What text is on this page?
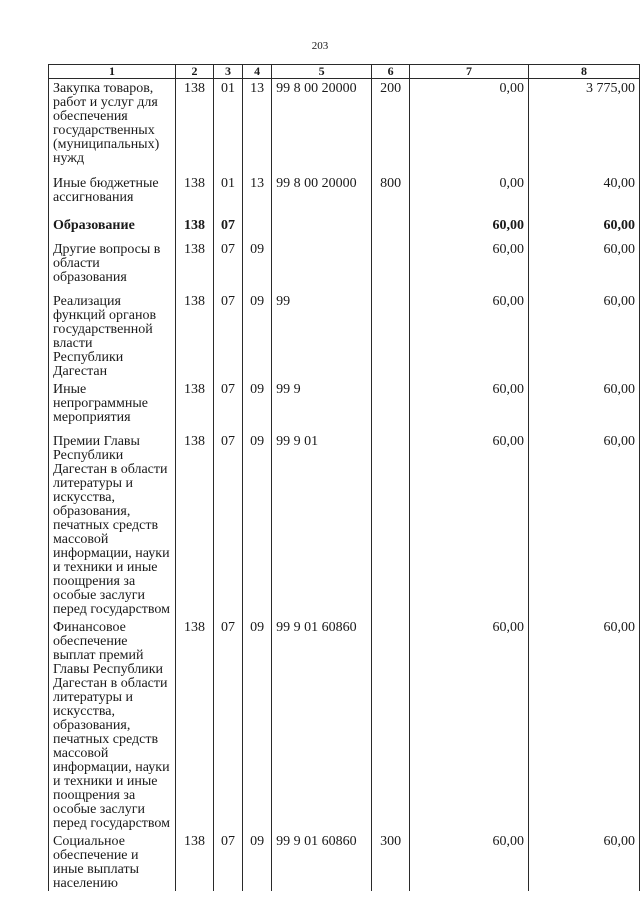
203
1	2	3	4	5	6	7	8

Закупка товаров, работ и услуг для обеспечения государственных (муниципальных) нужд	138	01	13	99 8 00 20000	200	0,00	3 775,00

Иные бюджетные ассигнования	138	01	13	99 8 00 20000	800	0,00	40,00

Образование	138	07				60,00	60,00

Другие вопросы в области образования	138	07	09			60,00	60,00

Реализация функций органов государственной власти Республики Дагестан	138	07	09	99		60,00	60,00

Иные непрограммные мероприятия	138	07	09	99 9		60,00	60,00

Премии Главы Республики Дагестан в области литературы и искусства, образования, печатных средств массовой информации, науки и техники и иные поощрения за особые заслуги перед государством	138	07	09	99 9 01		60,00	60,00

Финансовое обеспечение выплат премий Главы Республики Дагестан в области литературы и искусства, образования, печатных средств массовой информации, науки и техники и иные поощрения за особые заслуги перед государством	138	07	09	99 9 01 60860		60,00	60,00

Социальное обеспечение и иные выплаты населению	138	07	09	99 9 01 60860	300	60,00	60,00
